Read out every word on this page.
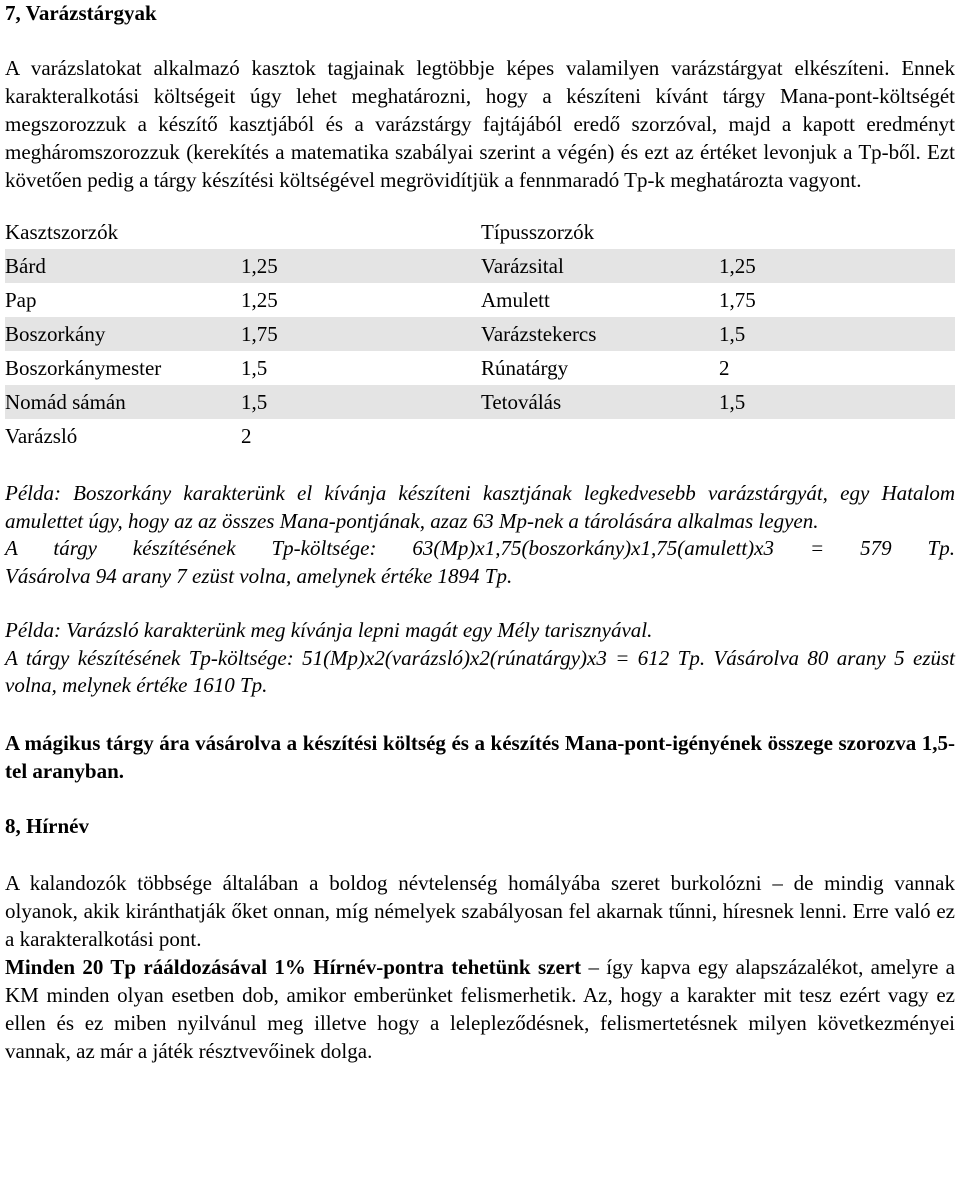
7, Varázstárgyak

A varázslatokat alkalmazó kasztok tagjainak legtöbbje képes valamilyen varázstárgyat elkészíteni. Ennek karakteralkotási költségeit úgy lehet meghatározni, hogy a készíteni kívánt tárgy Mana-pont-költségét megszorozzuk a készítő kasztjából és a varázstárgy fajtájából eredő szorzóval, majd a kapott eredményt megháromszorozzuk (kerekítés a matematika szabályai szerint a végén) és ezt az értéket levonjuk a Tp-ből. Ezt követően pedig a tárgy készítési költségével megrövidítjük a fennmaradó Tp-k meghatározta vagyont.

Kasztszorzók		Típusszorzók	
Bárd	1,25	Varázsital	1,25
Pap	1,25	Amulett	1,75
Boszorkány	1,75	Varázstekercs	1,5
Boszorkánymester	1,5	Rúnatárgy	2
Nomád sámán	1,5	Tetoválás	1,5
Varázsló	2		

Példa: Boszorkány karakterünk el kívánja készíteni kasztjának legkedvesebb varázstárgyát, egy Hatalom amulettet úgy, hogy az az összes Mana-pontjának, azaz 63 Mp-nek a tárolására alkalmas legyen.

A tárgy készítésének Tp-költsége: 63(Mp)x1,75(boszorkány)x1,75(amulett)x3 = 579 Tp.

Vásárolva 94 arany 7 ezüst volna, amelynek értéke 1894 Tp.

Példa: Varázsló karakterünk meg kívánja lepni magát egy Mély tarisznyával.

A tárgy készítésének Tp-költsége: 51(Mp)x2(varázsló)x2(rúnatárgy)x3 = 612 Tp. Vásárolva 80 arany 5 ezüst volna, melynek értéke 1610 Tp.

A mágikus tárgy ára vásárolva a készítési költség és a készítés Mana-pont-igényének összege szorozva 1,5-tel aranyban.

8, Hírnév

A kalandozók többsége általában a boldog névtelenség homályába szeret burkolózni – de mindig vannak olyanok, akik kiránthatják őket onnan, míg némelyek szabályosan fel akarnak tűnni, híresnek lenni. Erre való ez a karakteralkotási pont.

Minden 20 Tp rááldozásával 1% Hírnév-pontra tehetünk szert – így kapva egy alapszázalékot, amelyre a KM minden olyan esetben dob, amikor emberünket felismerhetik. Az, hogy a karakter mit tesz ezért vagy ez ellen és ez miben nyilvánul meg illetve hogy a lelepleződésnek, felismertetésnek milyen következményei vannak, az már a játék résztvevőinek dolga.
